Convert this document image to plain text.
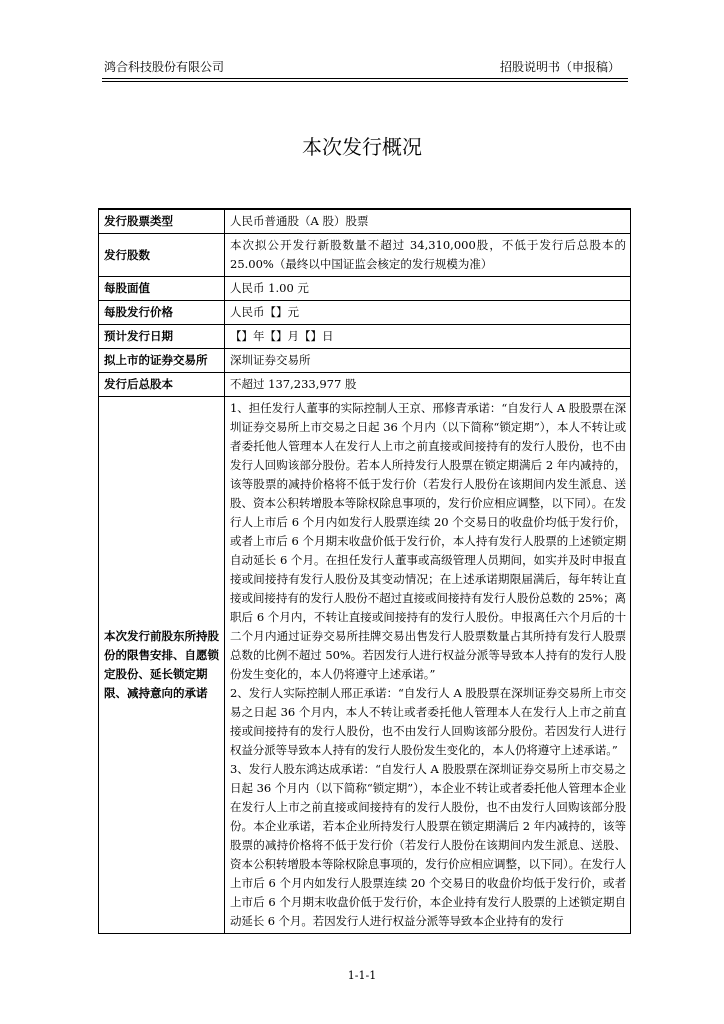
鸿合科技股份有限公司	招股说明书（申报稿）
本次发行概况
发行股票类型	人民币普通股（A 股）股票
发行股数	本次拟公开发行新股数量不超过 34,310,000股，不低于发行后总股本的 25.00%（最终以中国证监会核定的发行规模为准）
每股面值	人民币 1.00 元
每股发行价格	人民币【】元
预计发行日期	【】年【】月【】日
拟上市的证券交易所	深圳证券交易所
发行后总股本	不超过 137,233,977 股
本次发行前股东所持股份的限售安排、自愿锁定股份、延长锁定期限、减持意向的承诺	1、担任发行人董事的实际控制人王京、邢修青承诺：“自发行人 A 股股票在深圳证券交易所上市交易之日起 36 个月内（以下简称“锁定期”），本人不转让或者委托他人管理本人在发行人上市之前直接或间接持有的发行人股份，也不由发行人回购该部分股份。若本人所持发行人股票在锁定期满后 2 年内减持的，该等股票的减持价格将不低于发行价（若发行人股份在该期间内发生派息、送股、资本公积转增股本等除权除息事项的，发行价应相应调整，以下同）。在发行人上市后 6 个月内如发行人股票连续 20 个交易日的收盘价均低于发行价，或者上市后 6 个月期末收盘价低于发行价，本人持有发行人股票的上述锁定期自动延长 6 个月。在担任发行人董事或高级管理人员期间，如实并及时申报直接或间接持有发行人股份及其变动情况；在上述承诺期限届满后，每年转让直接或间接持有的发行人股份不超过直接或间接持有发行人股份总数的 25%；离职后 6 个月内，不转让直接或间接持有的发行人股份。申报离任六个月后的十二个月内通过证券交易所挂牌交易出售发行人股票数量占其所持有发行人股票总数的比例不超过 50%。若因发行人进行权益分派等导致本人持有的发行人股份发生变化的，本人仍将遵守上述承诺。”

2、发行人实际控制人邢正承诺：“自发行人 A 股股票在深圳证券交易所上市交易之日起 36 个月内，本人不转让或者委托他人管理本人在发行人上市之前直接或间接持有的发行人股份，也不由发行人回购该部分股份。若因发行人进行权益分派等导致本人持有的发行人股份发生变化的，本人仍将遵守上述承诺。”

3、发行人股东鸿达成承诺：“自发行人 A 股股票在深圳证券交易所上市交易之日起 36 个月内（以下简称“锁定期”），本企业不转让或者委托他人管理本企业在发行人上市之前直接或间接持有的发行人股份，也不由发行人回购该部分股份。本企业承诺，若本企业所持发行人股票在锁定期满后 2 年内减持的，该等股票的减持价格将不低于发行价（若发行人股份在该期间内发生派息、送股、资本公积转增股本等除权除息事项的，发行价应相应调整，以下同）。在发行人上市后 6 个月内如发行人股票连续 20 个交易日的收盘价均低于发行价，或者上市后 6 个月期末收盘价低于发行价，本企业持有发行人股票的上述锁定期自动延长 6 个月。若因发行人进行权益分派等导致本企业持有的发行

1-1-1
